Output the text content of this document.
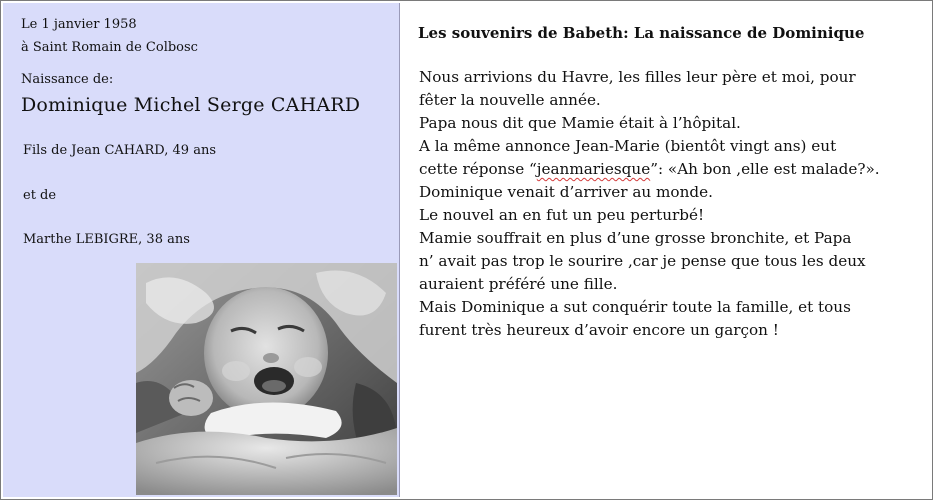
Le 1 janvier 1958
à Saint Romain de Colbosc
Naissance de:
Dominique Michel Serge CAHARD
Fils de Jean CAHARD, 49 ans
et de
Marthe LEBIGRE, 38 ans
Les souvenirs de Babeth: La naissance de Dominique
Nous arrivions du Havre, les filles leur père et moi, pour
fêter la nouvelle année.
Papa nous dit que Mamie était à l’hôpital.
A la même annonce Jean-Marie (bientôt vingt ans) eut
cette réponse “jeanmariesque”: «Ah bon ,elle est malade?».
Dominique venait d’arriver au monde.
Le nouvel an en fut un peu perturbé!
Mamie souffrait en plus d’une grosse bronchite, et Papa
n’ avait pas trop le sourire ,car je pense que tous les deux
auraient préféré une fille.
Mais Dominique a sut conquérir toute la famille, et tous
furent très heureux d’avoir encore un garçon !
